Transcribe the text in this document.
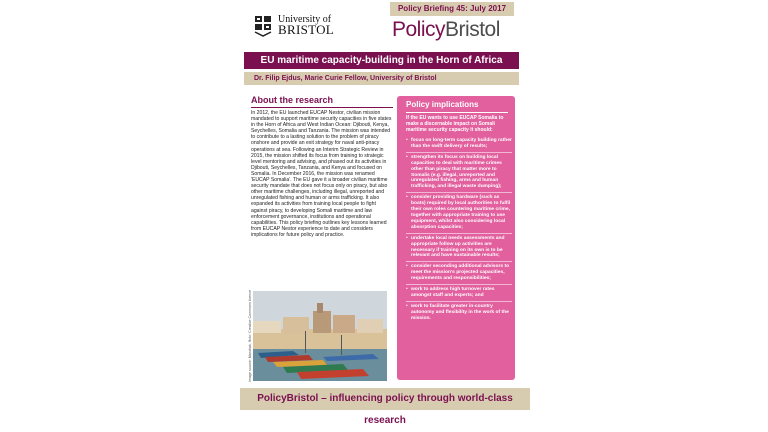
University of
BRISTOL
Policy Briefing 45: July 2017
PolicyBristol
EU maritime capacity-building in the Horn of Africa
Dr. Filip Ejdus, Marie Curie Fellow, University of Bristol
About the research
In 2012, the EU launched EUCAP Nestor, civilian mission mandated to support maritime security capacities in five states in the Horn of Africa and West Indian Ocean: Djibouti, Kenya, Seychelles, Somalia and Tanzania. The mission was intended to contribute to a lasting solution to the problem of piracy onshore and provide an exit strategy for naval anti-piracy operations at sea. Following an Interim Strategic Review in 2015, the mission shifted its focus from training to strategic level mentoring and advising, and phased out its activities in Djibouti, Seychelles, Tanzania, and Kenya and focused on Somalia. In December 2016, the mission was renamed 'EUCAP Somalia'. The EU gave it a broader civilian maritime security mandate that does not focus only on piracy, but also other maritime challenges, including illegal, unreported and unregulated fishing and human or arms trafficking. It also expanded its activities from training local people to fight against piracy, to developing Somali maritime and law enforcement governance, institutions and operational capabilities. This policy briefing outlines key lessons learned from EUCAP Nestor experience to date and considers implications for future policy and practice.
Image source: Mandrak, flickr: Creative Commons licence
Policy implications
If the EU wants to use EUCAP Somalia to make a discernable impact on Somali maritime security capacity it should:
• focus on long-term capacity building rather than the swift delivery of results;
• strengthen its focus on building local capacities to deal with maritime crimes other than piracy that matter more to Somalis (e.g. illegal, unreported and unregulated fishing, arms and human trafficking, and illegal waste dumping);
• consider providing hardware (such as boats) required by local authorities to fulfil their own roles countering maritime crime, together with appropriate training to use equipment, whilst also considering local absorption capacities;
• undertake local needs assessments and appropriate follow up activities are necessary if training on its own is to be relevant and have sustainable results;
• consider seconding additional advisors to meet the mission's projected capacities, requirements and responsibilities;
• work to address high turnover rates amongst staff and experts; and
• work to facilitate greater in-country autonomy and flexibility in the work of the mission.
PolicyBristol – influencing policy through world-class research
